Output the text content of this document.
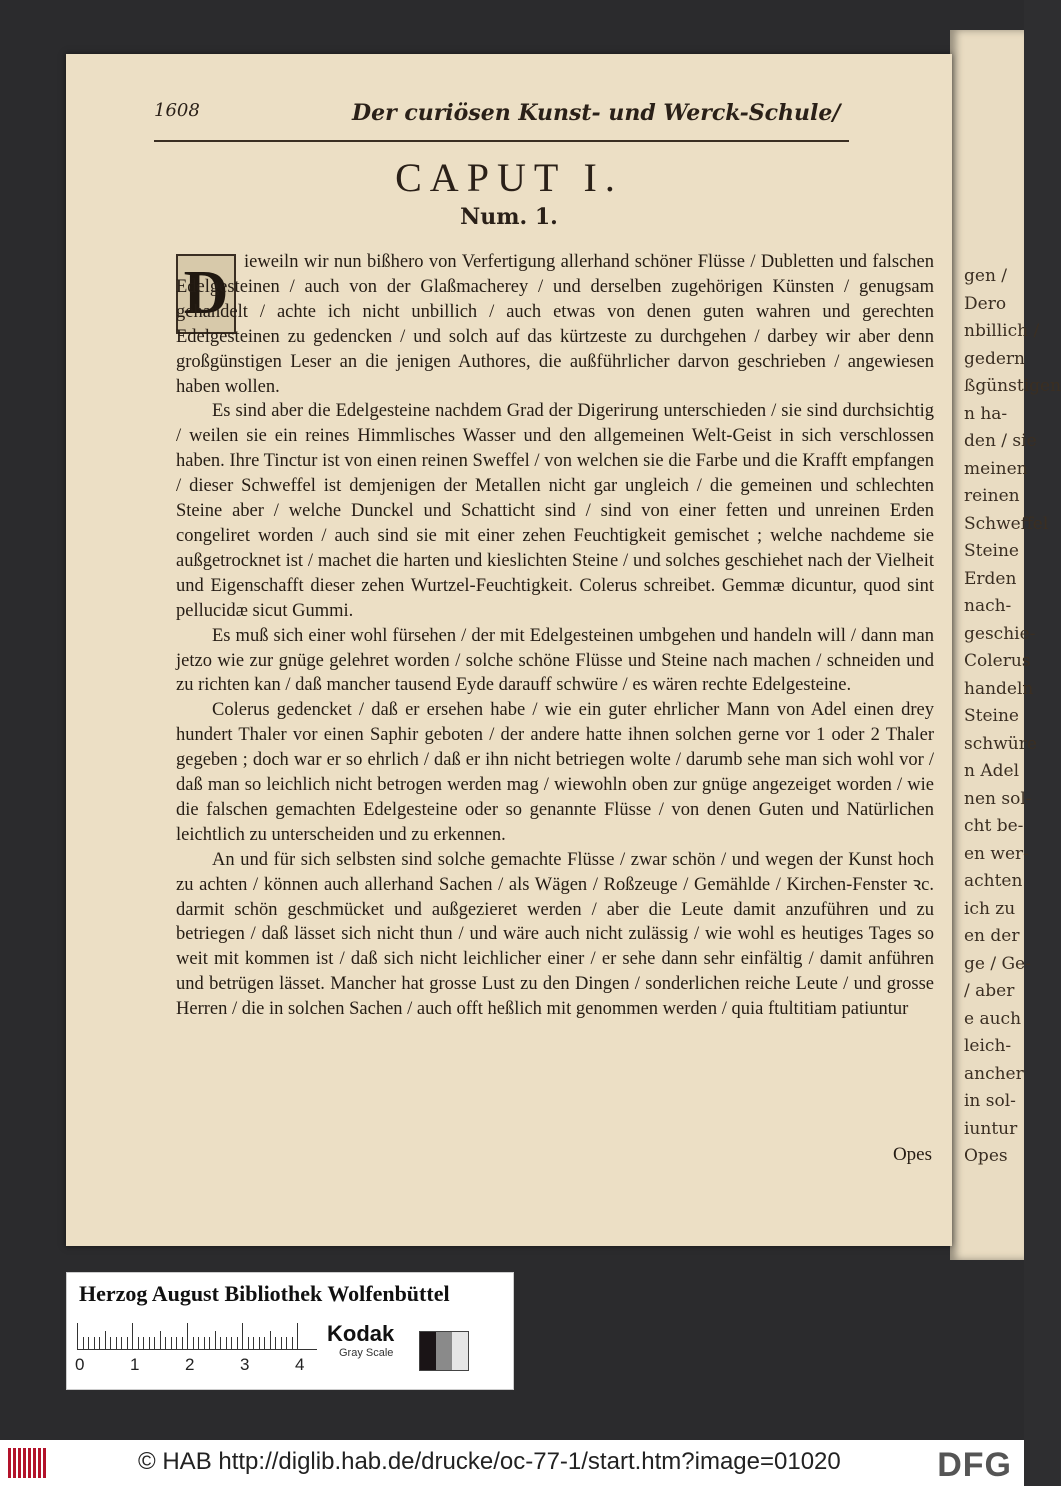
gen /
Dero
nbillich /
gedern
ßgünstigen
n ha-
den / sie
meinen
reinen
Schweffel
Steine
Erden
nach-
geschie-
Colerus
handeln
Steine
schwüre
n Adel
nen sol-
cht be-
en wer-
achten
ich zu
en der
ge / Ge-
/ aber
e auch
leich-
ancher
in sol-
iuntur
Opes
1608	Der curiösen Kunst- und Werck-Schule/
CAPUT I.
Num. 1.
D ieweiln wir nun bißhero von Verfertigung allerhand schöner Flüsse / Dubletten und falschen Edelgesteinen / auch von der Glaßmacherey / und derselben zugehörigen Künsten / genugsam gehandelt / achte ich nicht unbillich / auch etwas von denen guten wahren und gerechten Edelgesteinen zu gedencken / und solch auf das kürtzeste zu durchgehen / darbey wir aber denn großgünstigen Leser an die jenigen Authores, die außführlicher darvon geschrieben / angewiesen haben wollen.

Es sind aber die Edelgesteine nachdem Grad der Digerirung unterschieden / sie sind durchsichtig / weilen sie ein reines Himmlisches Wasser und den allgemeinen Welt-Geist in sich verschlossen haben. Ihre Tinctur ist von einen reinen Sweffel / von welchen sie die Farbe und die Krafft empfangen / dieser Schweffel ist demjenigen der Metallen nicht gar ungleich / die gemeinen und schlechten Steine aber / welche Dunckel und Schatticht sind / sind von einer fetten und unreinen Erden congeliret worden / auch sind sie mit einer zehen Feuchtigkeit gemischet ; welche nachdeme sie außgetrocknet ist / machet die harten und kieslichten Steine / und solches geschiehet nach der Vielheit und Eigenschafft dieser zehen Wurtzel-Feuchtigkeit. Colerus schreibet. Gemmæ dicuntur, quod sint pellucidæ sicut Gummi.

Es muß sich einer wohl fürsehen / der mit Edelgesteinen umbgehen und handeln will / dann man jetzo wie zur gnüge gelehret worden / solche schöne Flüsse und Steine nach machen / schneiden und zu richten kan / daß mancher tausend Eyde darauff schwüre / es wären rechte Edelgesteine.

Colerus gedencket / daß er ersehen habe / wie ein guter ehrlicher Mann von Adel einen drey hundert Thaler vor einen Saphir geboten / der andere hatte ihnen solchen gerne vor 1 oder 2 Thaler gegeben ; doch war er so ehrlich / daß er ihn nicht betriegen wolte / darumb sehe man sich wohl vor / daß man so leichlich nicht betrogen werden mag / wiewohln oben zur gnüge angezeiget worden / wie die falschen gemachten Edelgesteine oder so genannte Flüsse / von denen Guten und Natürlichen leichtlich zu unterscheiden und zu erkennen.

An und für sich selbsten sind solche gemachte Flüsse / zwar schön / und wegen der Kunst hoch zu achten / können auch allerhand Sachen / als Wägen / Roßzeuge / Gemählde / Kirchen-Fenster ꝛc. darmit schön geschmücket und außgezieret werden / aber die Leute damit anzuführen und zu betriegen / daß lässet sich nicht thun / und wäre auch nicht zulässig / wie wohl es heutiges Tages so weit mit kommen ist / daß sich nicht leichlicher einer / er sehe dann sehr einfältig / damit anführen und betrügen lässet. Mancher hat grosse Lust zu den Dingen / sonderlichen reiche Leute / und grosse Herren / die in solchen Sachen / auch offt heßlich mit genommen werden / quia ftultitiam patiuntur

Opes
Herzog August Bibliothek Wolfenbüttel
0	1	2	3	4
Kodak
Gray Scale
© HAB http://diglib.hab.de/drucke/oc-77-1/start.htm?image=01020	DFG
